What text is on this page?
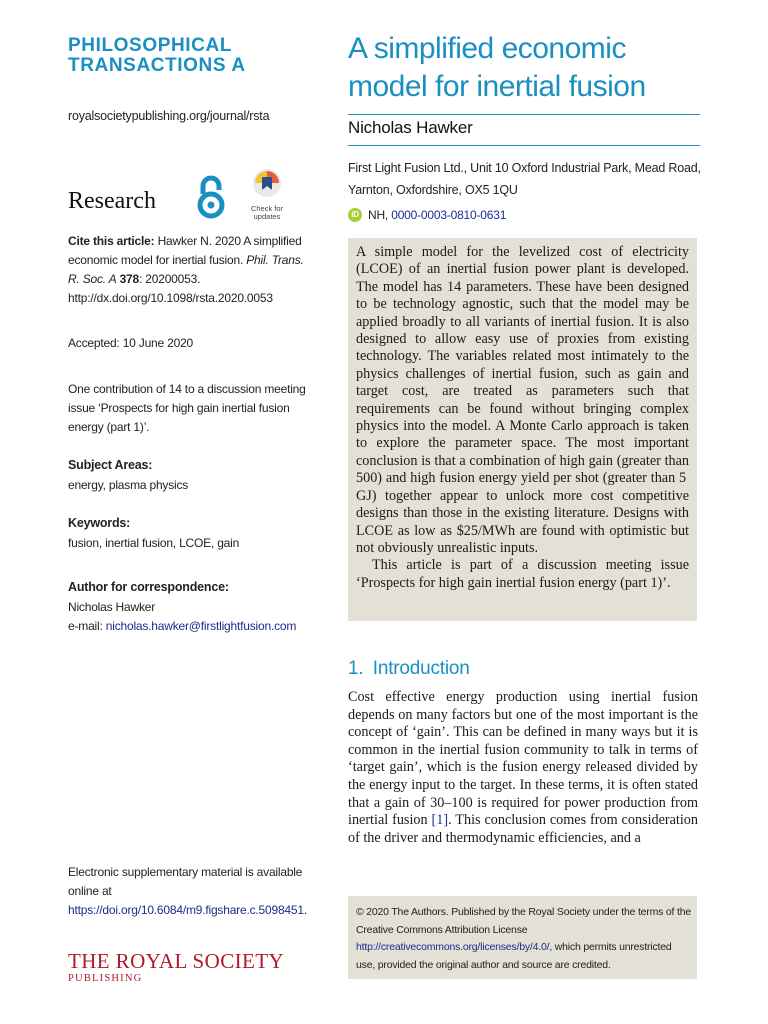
PHILOSOPHICAL
TRANSACTIONS A
royalsocietypublishing.org/journal/rsta
Research	Check for
updates
Cite this article: Hawker N. 2020 A simplified economic model for inertial fusion. Phil. Trans. R. Soc. A 378: 20200053.
http://dx.doi.org/10.1098/rsta.2020.0053
Accepted: 10 June 2020
One contribution of 14 to a discussion meeting issue ‘Prospects for high gain inertial fusion energy (part 1)’.
Subject Areas:
energy, plasma physics
Keywords:
fusion, inertial fusion, LCOE, gain
Author for correspondence:
Nicholas Hawker
e-mail: nicholas.hawker@firstlightfusion.com
Electronic supplementary material is available online at https://doi.org/10.6084/m9.figshare.c.5098451.
THE ROYAL SOCIETY
PUBLISHING
A simplified economic model for inertial fusion
Nicholas Hawker
First Light Fusion Ltd., Unit 10 Oxford Industrial Park, Mead Road, Yarnton, Oxfordshire, OX5 1QU
iD NH,
0000-0003-0810-0631

A simple model for the levelized cost of electricity (LCOE) of an inertial fusion power plant is developed. The model has 14 parameters. These have been designed to be technology agnostic, such that the model may be applied broadly to all variants of inertial fusion. It is also designed to allow easy use of proxies from existing technology. The variables related most intimately to the physics challenges of inertial fusion, such as gain and target cost, are treated as parameters such that requirements can be found without bringing complex physics into the model. A Monte Carlo approach is taken to explore the parameter space. The most important conclusion is that a combination of high gain (greater than 500) and high fusion energy yield per shot (greater than 5 GJ) together appear to unlock more cost competitive designs than those in the existing literature. Designs with LCOE as low as $25/MWh are found with optimistic but not obviously unrealistic inputs.

This article is part of a discussion meeting issue ‘Prospects for high gain inertial fusion energy (part 1)’.

1. Introduction

Cost effective energy production using inertial fusion depends on many factors but one of the most important is the concept of ‘gain’. This can be defined in many ways but it is common in the inertial fusion community to talk in terms of ‘target gain’, which is the fusion energy released divided by the energy input to the target. In these terms, it is often stated that a gain of 30–100 is required for power production from inertial fusion [1]. This conclusion comes from consideration of the driver and thermodynamic efficiencies, and a

© 2020 The Authors. Published by the Royal Society under the terms of the Creative Commons Attribution License http://creativecommons.org/licenses/by/4.0/, which permits unrestricted use, provided the original author and source are credited.
